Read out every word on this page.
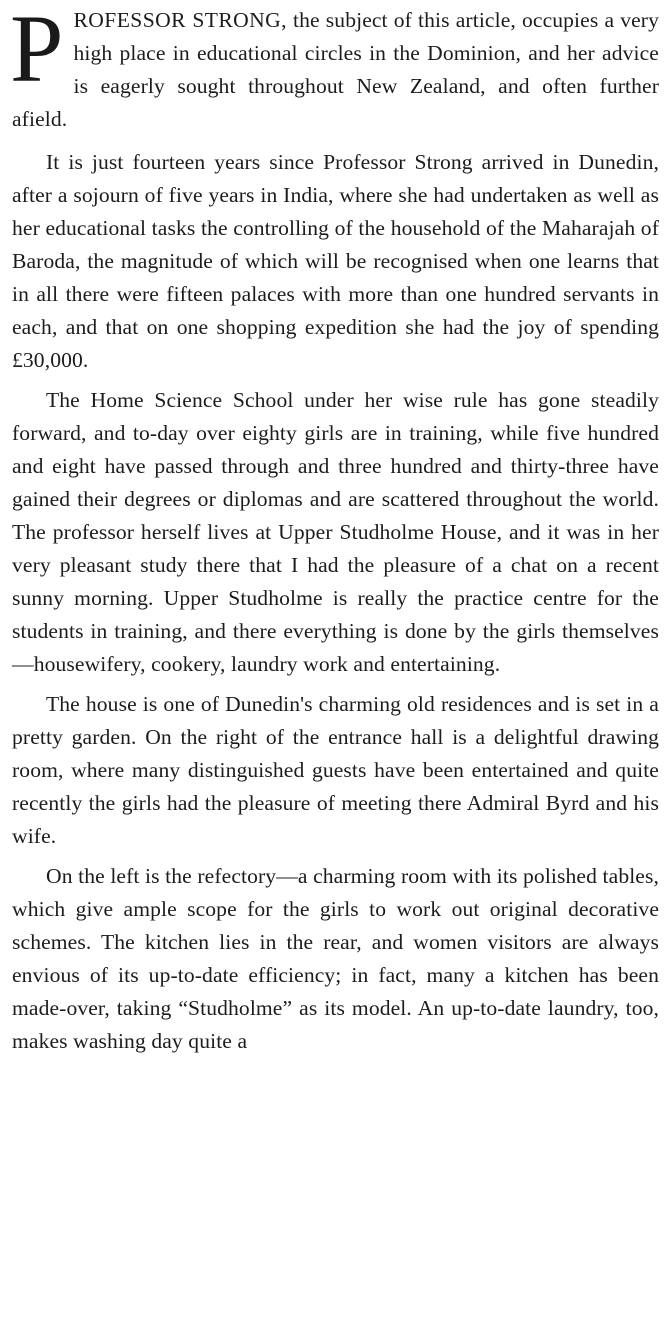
PROFESSOR STRONG, the subject of this article, occupies a very high place in educational circles in the Dominion, and her advice is eagerly sought throughout New Zealand, and often further afield.

It is just fourteen years since Professor Strong arrived in Dunedin, after a sojourn of five years in India, where she had undertaken as well as her educational tasks the controlling of the household of the Maharajah of Baroda, the magnitude of which will be recognised when one learns that in all there were fifteen palaces with more than one hundred servants in each, and that on one shopping expedition she had the joy of spending £30,000.

The Home Science School under her wise rule has gone steadily forward, and to-day over eighty girls are in training, while five hundred and eight have passed through and three hundred and thirty-three have gained their degrees or diplomas and are scattered throughout the world. The professor herself lives at Upper Studholme House, and it was in her very pleasant study there that I had the pleasure of a chat on a recent sunny morning. Upper Studholme is really the practice centre for the students in training, and there everything is done by the girls themselves—housewifery, cookery, laundry work and entertaining.

The house is one of Dunedin's charming old residences and is set in a pretty garden. On the right of the entrance hall is a delightful drawing room, where many distinguished guests have been entertained and quite recently the girls had the pleasure of meeting there Admiral Byrd and his wife.

On the left is the refectory—a charming room with its polished tables, which give ample scope for the girls to work out original decorative schemes. The kitchen lies in the rear, and women visitors are always envious of its up-to-date efficiency; in fact, many a kitchen has been made-over, taking “Studholme” as its model. An up-to-date laundry, too, makes washing day quite a
